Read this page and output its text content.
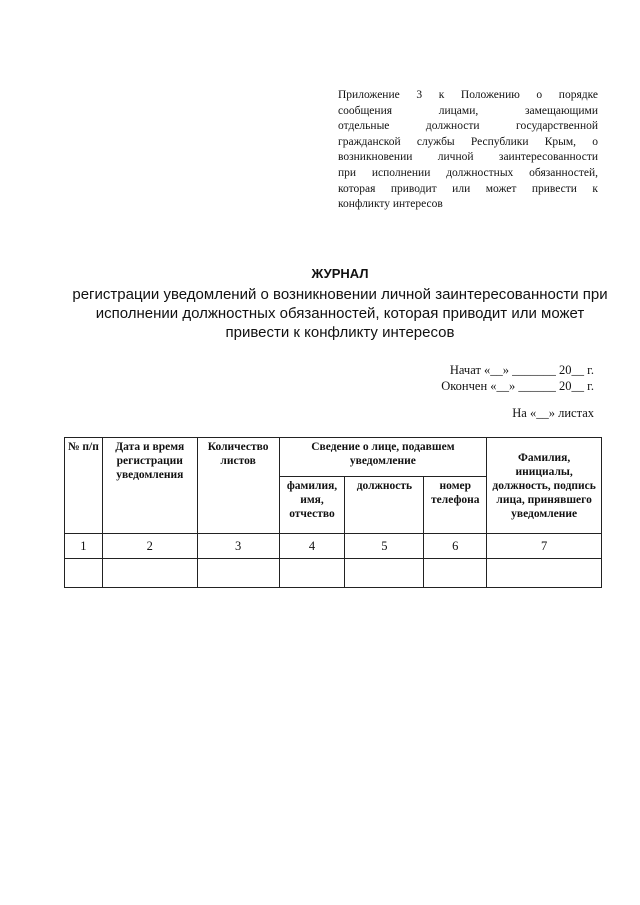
Приложение 3 к Положению о порядке
сообщения лицами, замещающими
отдельные должности государственной
гражданской службы Республики Крым, о
возникновении личной заинтересованности
при исполнении должностных обязанностей,
которая приводит или может привести к
конфликту интересов
ЖУРНАЛ
регистрации уведомлений о возникновении личной заинтересованности при
исполнении должностных обязанностей, которая приводит или может
привести к конфликту интересов
Начат «__» _______ 20__ г.
Окончен «__» ______ 20__ г.
На «__» листах
№ п/п	Дата и время регистрации уведомления	Количество листов	Сведение о лице, подавшем уведомление			Фамилия, инициалы, должность, подпись лица, принявшего уведомление
			фамилия, имя, отчество	должность	номер телефона	
1	2	3	4	5	6	7
